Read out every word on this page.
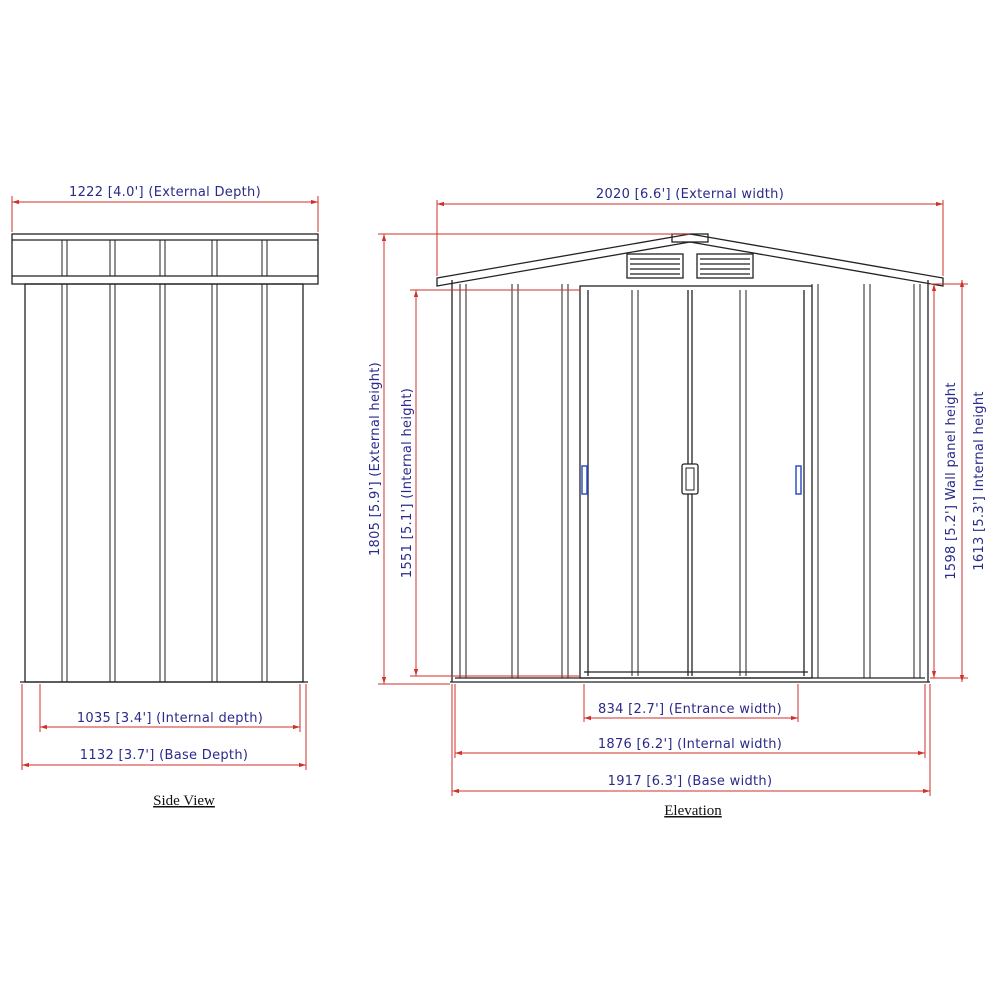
1222 [4.0'] (External Depth)
1035 [3.4'] (Internal depth)
1132 [3.7'] (Base Depth)
Side View
2020 [6.6'] (External width)
1805 [5.9'] (External height) 1551 [5.1'] (Internal height)	1598 [5.2'] Wall panel height 1613 [5.3'] Internal height
834 [2.7'] (Entrance width)
1876 [6.2'] (Internal width)
1917 [6.3'] (Base width)
Elevation
